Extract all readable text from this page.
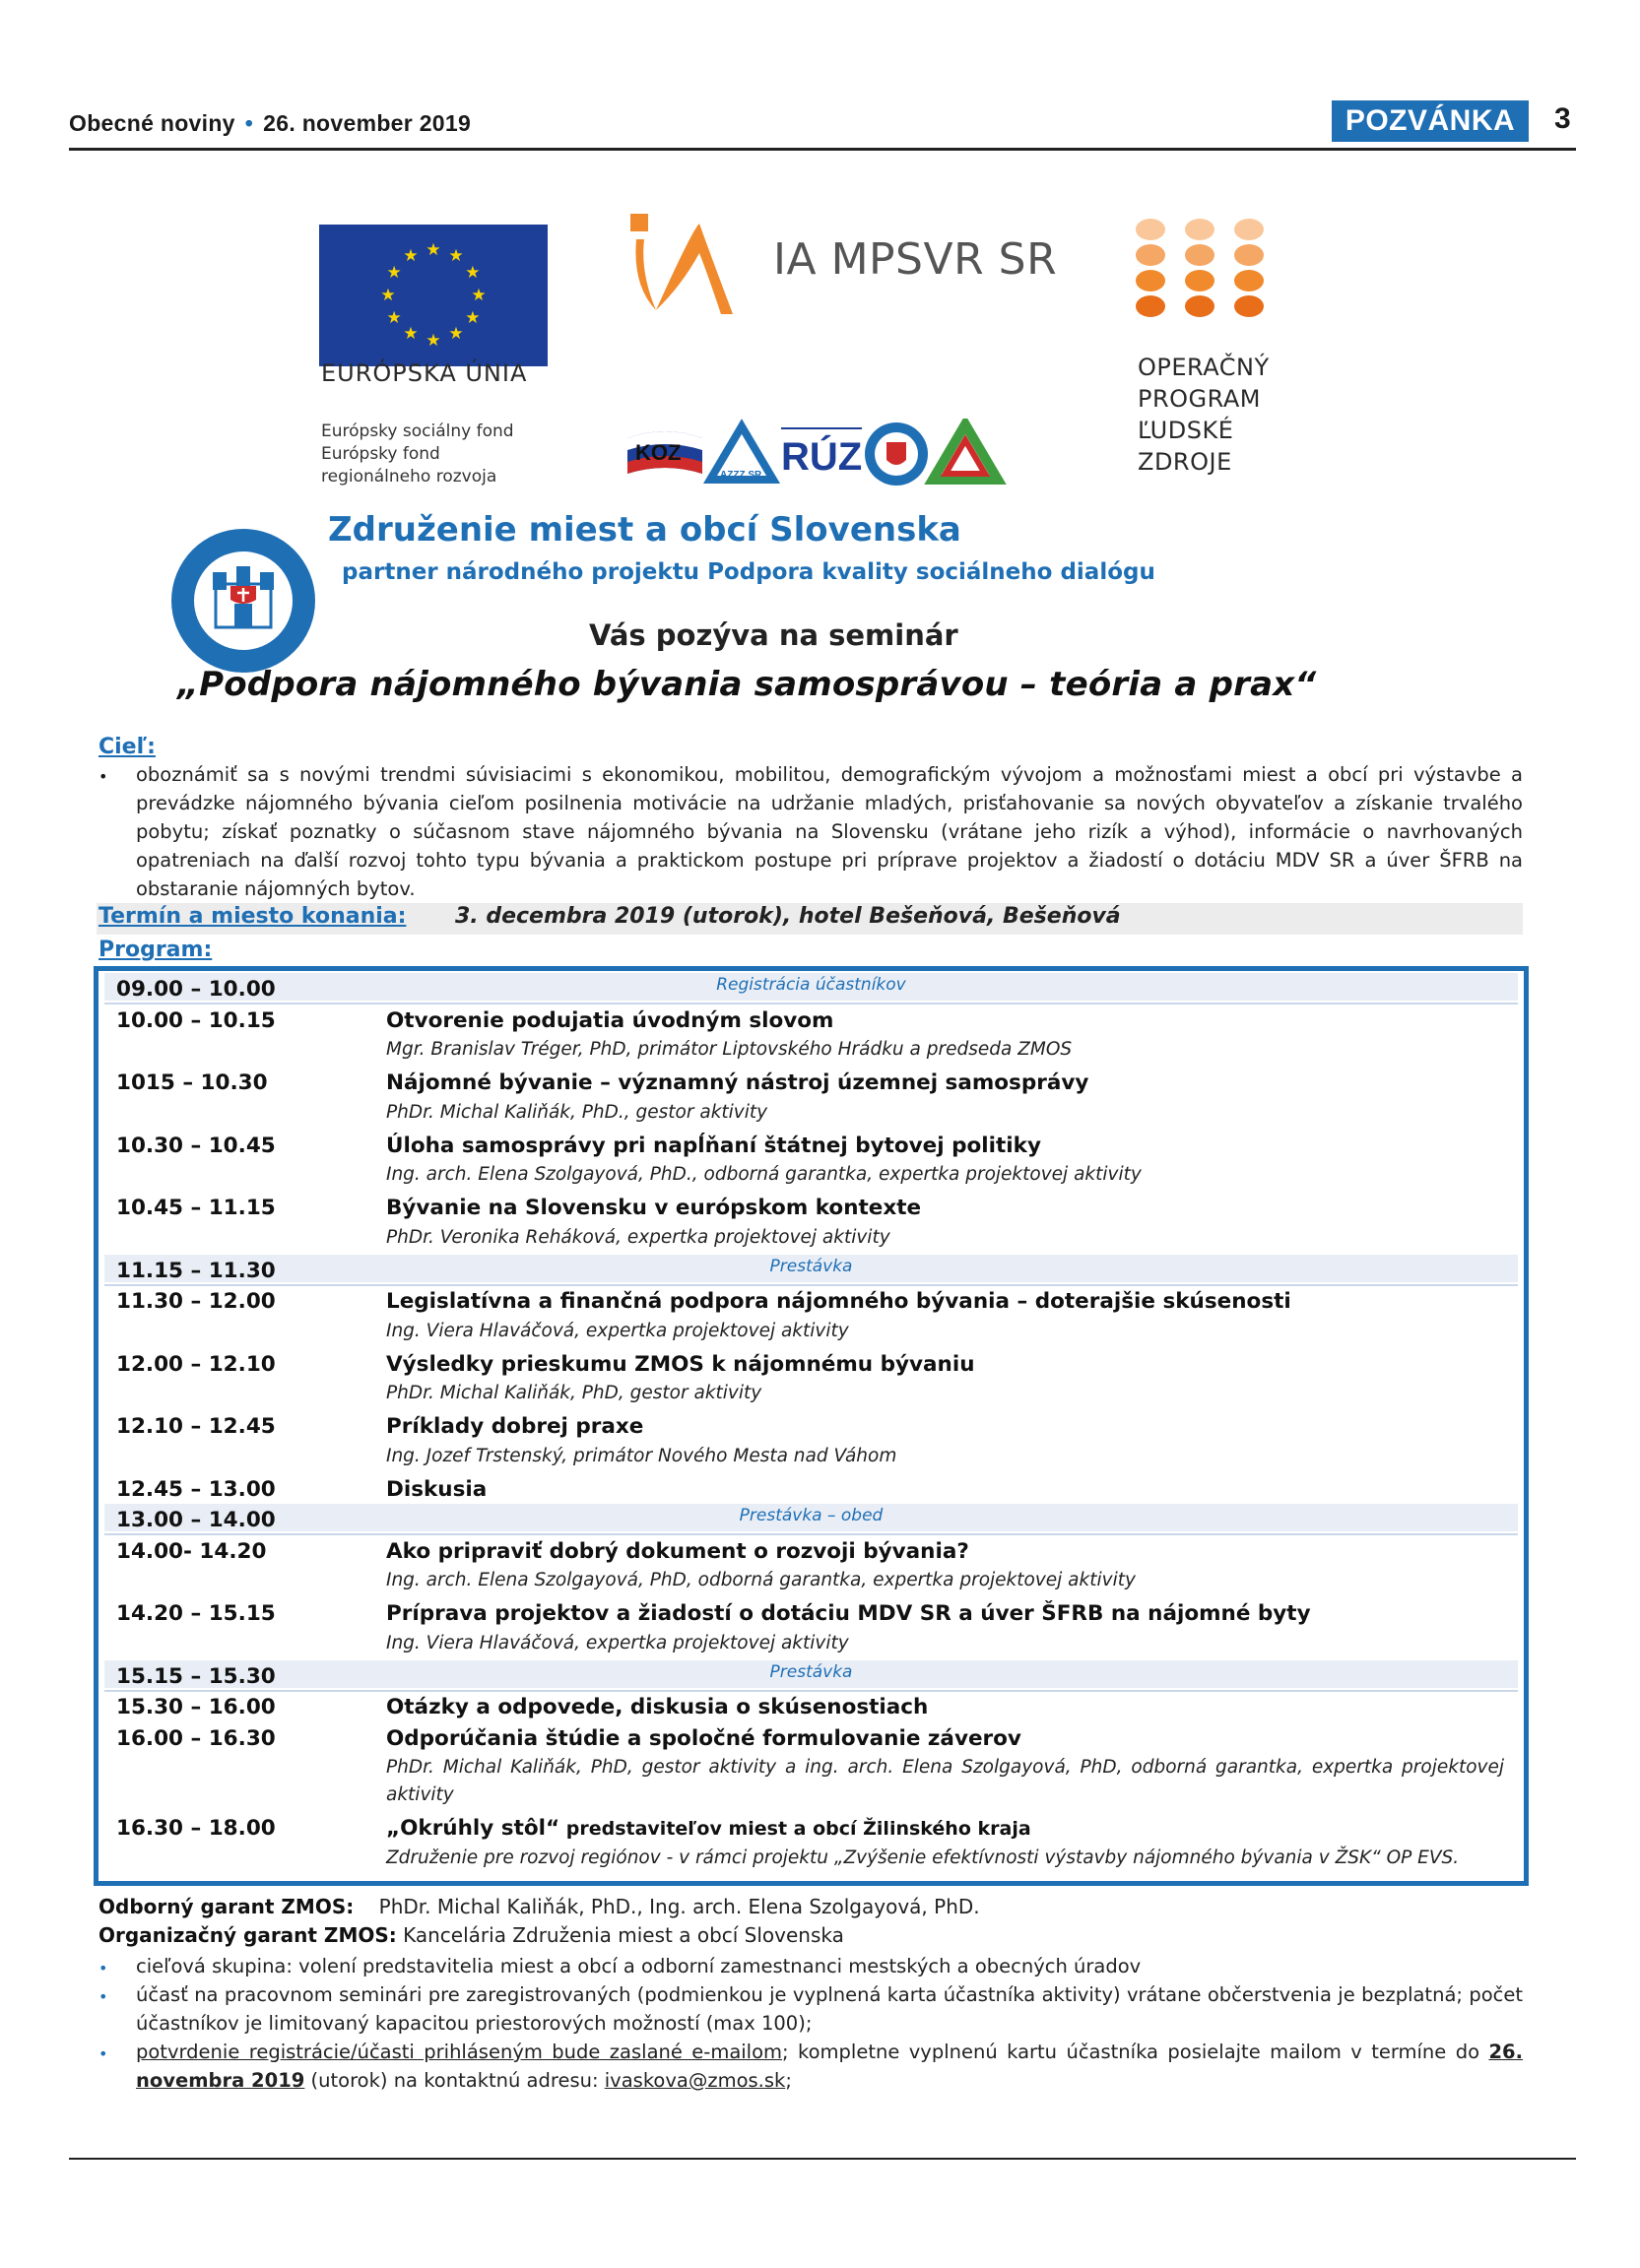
Obecné noviny • 26. november 2019	POZVÁNKA	3
★ ★
★
★
★
★
★
★
★
★
★
★
EURÓPSKA ÚNIA
Európsky sociálny fond
Európsky fond
regionálneho rozvoja
IA MPSVR SR
OPERAČNÝ
PROGRAM
ĽUDSKÉ
ZDROJE
KOZ
AZZZ SR RÚZ
Združenie miest a obcí Slovenska
partner národného projektu Podpora kvality sociálneho dialógu
Vás pozýva na seminár
„Podpora nájomného bývania samosprávou – teória a prax“
Cieľ:
• oboznámiť sa s novými trendmi súvisiacimi s ekonomikou, mobilitou, demografickým vývojom a možnosťami miest a obcí pri výstavbe a prevádzke nájomného bývania cieľom posilnenia motivácie na udržanie mladých, prisťahovanie sa nových obyvateľov a získanie trvalého pobytu; získať poznatky o súčasnom stave nájomného bývania na Slovensku (vrátane jeho rizík a výhod), informácie o navrhovaných opatreniach na ďalší rozvoj tohto typu bývania a praktickom postupe pri príprave projektov a žiadostí o dotáciu MDV SR a úver ŠFRB na obstaranie nájomných bytov.
Termín a miesto konania: 3. decembra 2019 (utorok), hotel Bešeňová, Bešeňová
Program:
09.00 – 10.00	Registrácia účastníkov
10.00 – 10.15	Otvorenie podujatia úvodným slovom
Mgr. Branislav Tréger, PhD, primátor Liptovského Hrádku a predseda ZMOS
1015 – 10.30	Nájomné bývanie – významný nástroj územnej samosprávy
PhDr. Michal Kaliňák, PhD., gestor aktivity
10.30 – 10.45	Úloha samosprávy pri napĺňaní štátnej bytovej politiky
Ing. arch. Elena Szolgayová, PhD., odborná garantka, expertka projektovej aktivity
10.45 – 11.15	Bývanie na Slovensku v európskom kontexte
PhDr. Veronika Reháková, expertka projektovej aktivity
11.15 – 11.30	Prestávka
11.30 – 12.00	Legislatívna a finančná podpora nájomného bývania – doterajšie skúsenosti
Ing. Viera Hlaváčová, expertka projektovej aktivity
12.00 – 12.10	Výsledky prieskumu ZMOS k nájomnému bývaniu
PhDr. Michal Kaliňák, PhD, gestor aktivity
12.10 – 12.45	Príklady dobrej praxe
Ing. Jozef Trstenský, primátor Nového Mesta nad Váhom
12.45 – 13.00	Diskusia
13.00 – 14.00	Prestávka – obed
14.00- 14.20	Ako pripraviť dobrý dokument o rozvoji bývania?
Ing. arch. Elena Szolgayová, PhD, odborná garantka, expertka projektovej aktivity
14.20 – 15.15	Príprava projektov a žiadostí o dotáciu MDV SR a úver ŠFRB na nájomné byty
Ing. Viera Hlaváčová, expertka projektovej aktivity
15.15 – 15.30	Prestávka
15.30 – 16.00	Otázky a odpovede, diskusia o skúsenostiach
16.00 – 16.30	Odporúčania štúdie a spoločné formulovanie záverov
PhDr. Michal Kaliňák, PhD, gestor aktivity a ing. arch. Elena Szolgayová, PhD, odborná garantka, expertka projektovej aktivity
16.30 – 18.00	„Okrúhly stôl“ predstaviteľov miest a obcí Žilinského kraja
Združenie pre rozvoj regiónov - v rámci projektu „Zvýšenie efektívnosti výstavby nájomného bývania v ŽSK“ OP EVS.
Odborný garant ZMOS: PhDr. Michal Kaliňák, PhD., Ing. arch. Elena Szolgayová, PhD.
Organizačný garant ZMOS: Kancelária Združenia miest a obcí Slovenska
• cieľová skupina: volení predstavitelia miest a obcí a odborní zamestnanci mestských a obecných úradov
• účasť na pracovnom seminári pre zaregistrovaných (podmienkou je vyplnená karta účastníka aktivity) vrátane občerstvenia je bezplatná; počet účastníkov je limitovaný kapacitou priestorových možností (max 100);
• potvrdenie registrácie/účasti prihláseným bude zaslané e-mailom; kompletne vyplnenú kartu účastníka posielajte mailom v termíne do 26. novembra 2019 (utorok) na kontaktnú adresu: ivaskova@zmos.sk;
